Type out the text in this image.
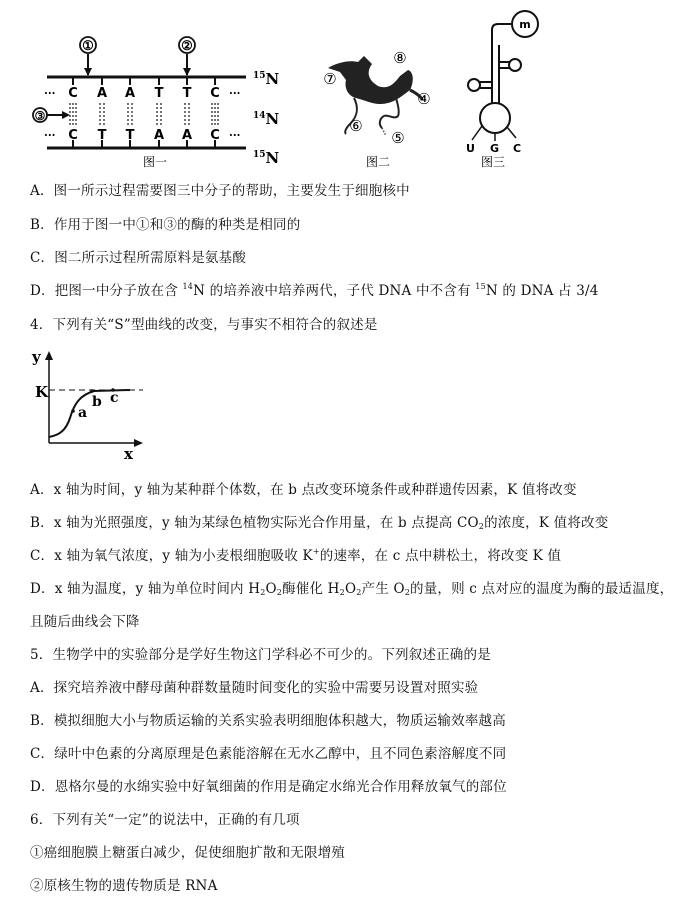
①	②
③
···
···
···
···
C
C
A
T
A
T
T
A
T
A
C
C
图一
$^{15}$N
$^{14}$N
$^{15}$N
⑦
⑧
④
⑥
⑤
图二
m
U G C
图三
A．图一所示过程需要图三中分子的帮助，主要发生于细胞核中
B．作用于图一中①和③的酶的种类是相同的
C．图二所示过程所需原料是氨基酸
D．把图一中分子放在含 $^{14}$N 的培养液中培养两代，子代 DNA 中不含有 $^{15}$N 的 DNA 占 3/4
4．下列有关“S”型曲线的改变，与事实不相符合的叙述是
y
K
a
b c
x
A．x 轴为时间，y 轴为某种群个体数，在 b 点改变环境条件或种群遗传因素，K 值将改变
B．x 轴为光照强度，y 轴为某绿色植物实际光合作用量，在 b 点提高 $CO_2$的浓度，K 值将改变
C．x 轴为氧气浓度，y 轴为小麦根细胞吸收 K+的速率，在 c 点中耕松土，将改变 K 值
D．x 轴为温度，y 轴为单位时间内 $H_2O_2$酶催化 $H_2O_2$产生 $O_2$的量，则 c 点对应的温度为酶的最适温度，
且随后曲线会下降
5．生物学中的实验部分是学好生物这门学科必不可少的。下列叙述正确的是
A．探究培养液中酵母菌种群数量随时间变化的实验中需要另设置对照实验
B．模拟细胞大小与物质运输的关系实验表明细胞体积越大，物质运输效率越高
C．绿叶中色素的分离原理是色素能溶解在无水乙醇中，且不同色素溶解度不同
D．恩格尔曼的水绵实验中好氧细菌的作用是确定水绵光合作用释放氧气的部位
6．下列有关“一定”的说法中，正确的有几项
①癌细胞膜上糖蛋白减少，促使细胞扩散和无限增殖
②原核生物的遗传物质是 RNA
